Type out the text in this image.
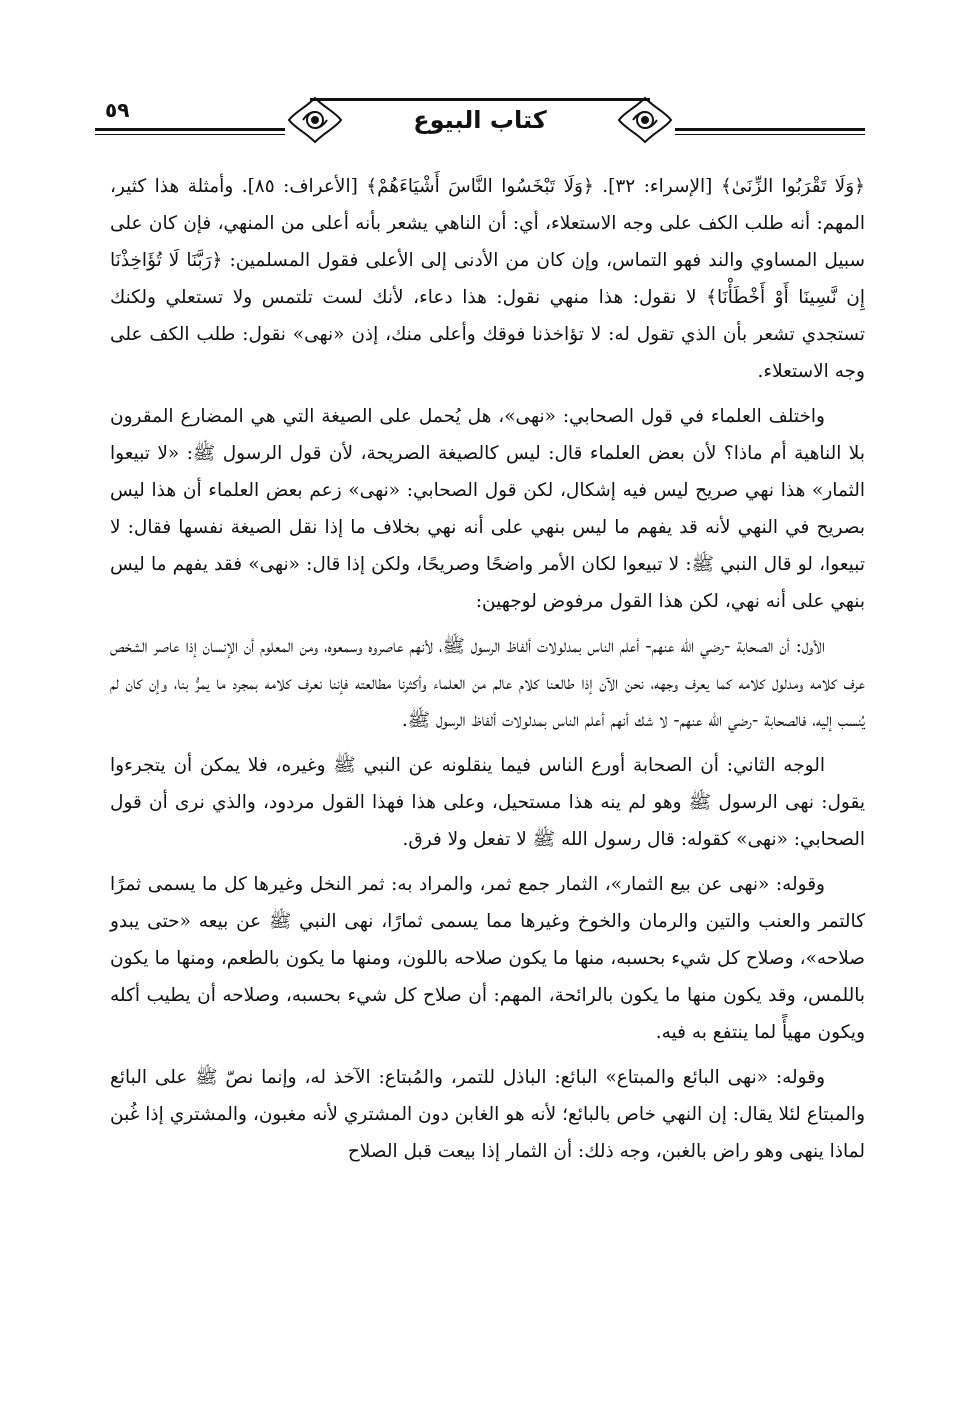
٥٩	كتاب البيوع

﴿وَلَا تَقْرَبُوا الزِّنَىٰ﴾ [الإسراء: ٣٢]. ﴿وَلَا تَبْخَسُوا النَّاسَ أَشْيَاءَهُمْ﴾ [الأعراف: ٨٥]. وأمثلة هذا كثير، المهم: أنه طلب الكف على وجه الاستعلاء، أي: أن الناهي يشعر بأنه أعلى من المنهي، فإن كان على سبيل المساوي والند فهو التماس، وإن كان من الأدنى إلى الأعلى فقول المسلمين: ﴿رَبَّنَا لَا تُؤَاخِذْنَا إِن نَّسِينَا أَوْ أَخْطَأْنَا﴾ لا نقول: هذا منهي نقول: هذا دعاء، لأنك لست تلتمس ولا تستعلي ولكنك تستجدي تشعر بأن الذي تقول له: لا تؤاخذنا فوقك وأعلى منك، إذن «نهى» نقول: طلب الكف على وجه الاستعلاء.

واختلف العلماء في قول الصحابي: «نهى»، هل يُحمل على الصيغة التي هي المضارع المقرون بلا الناهية أم ماذا؟ لأن بعض العلماء قال: ليس كالصيغة الصريحة، لأن قول الرسول ﷺ: «لا تبيعوا الثمار» هذا نهي صريح ليس فيه إشكال، لكن قول الصحابي: «نهى» زعم بعض العلماء أن هذا ليس بصريح في النهي لأنه قد يفهم ما ليس بنهي على أنه نهي بخلاف ما إذا نقل الصيغة نفسها فقال: لا تبيعوا، لو قال النبي ﷺ: لا تبيعوا لكان الأمر واضحًا وصريحًا، ولكن إذا قال: «نهى» فقد يفهم ما ليس بنهي على أنه نهي، لكن هذا القول مرفوض لوجهين:

الأول: أن الصحابة -رضي الله عنهم- أعلم الناس بمدلولات ألفاظ الرسول ﷺ، لأنهم عاصروه وسمعوه، ومن المعلوم أن الإنسان إذا عاصر الشخص عرف كلامه ومدلول كلامه كما يعرف وجهه، نحن الآن إذا طالعنا كلام عالم من العلماء وأكثرنا مطالعته فإننا نعرف كلامه بمجرد ما يمرُّ بنا، وإن كان لم يُنسب إليه، فالصحابة -رضي الله عنهم- لا شك أنهم أعلم الناس بمدلولات ألفاظ الرسول ﷺ.

الوجه الثاني: أن الصحابة أورع الناس فيما ينقلونه عن النبي ﷺ وغيره، فلا يمكن أن يتجرءوا يقول: نهى الرسول ﷺ وهو لم ينه هذا مستحيل، وعلى هذا فهذا القول مردود، والذي نرى أن قول الصحابي: «نهى» كقوله: قال رسول الله ﷺ لا تفعل ولا فرق.

وقوله: «نهى عن بيع الثمار»، الثمار جمع ثمر، والمراد به: ثمر النخل وغيرها كل ما يسمى ثمرًا كالتمر والعنب والتين والرمان والخوخ وغيرها مما يسمى ثمارًا، نهى النبي ﷺ عن بيعه «حتى يبدو صلاحه»، وصلاح كل شيء بحسبه، منها ما يكون صلاحه باللون، ومنها ما يكون بالطعم، ومنها ما يكون باللمس، وقد يكون منها ما يكون بالرائحة، المهم: أن صلاح كل شيء بحسبه، وصلاحه أن يطيب أكله ويكون مهيأً لما ينتفع به فيه.

وقوله: «نهى البائع والمبتاع» البائع: الباذل للتمر، والمُبتاع: الآخذ له، وإنما نصّ ﷺ على البائع والمبتاع لئلا يقال: إن النهي خاص بالبائع؛ لأنه هو الغابن دون المشتري لأنه مغبون، والمشتري إذا غُبن لماذا ينهى وهو راض بالغبن، وجه ذلك: أن الثمار إذا بيعت قبل الصلاح
